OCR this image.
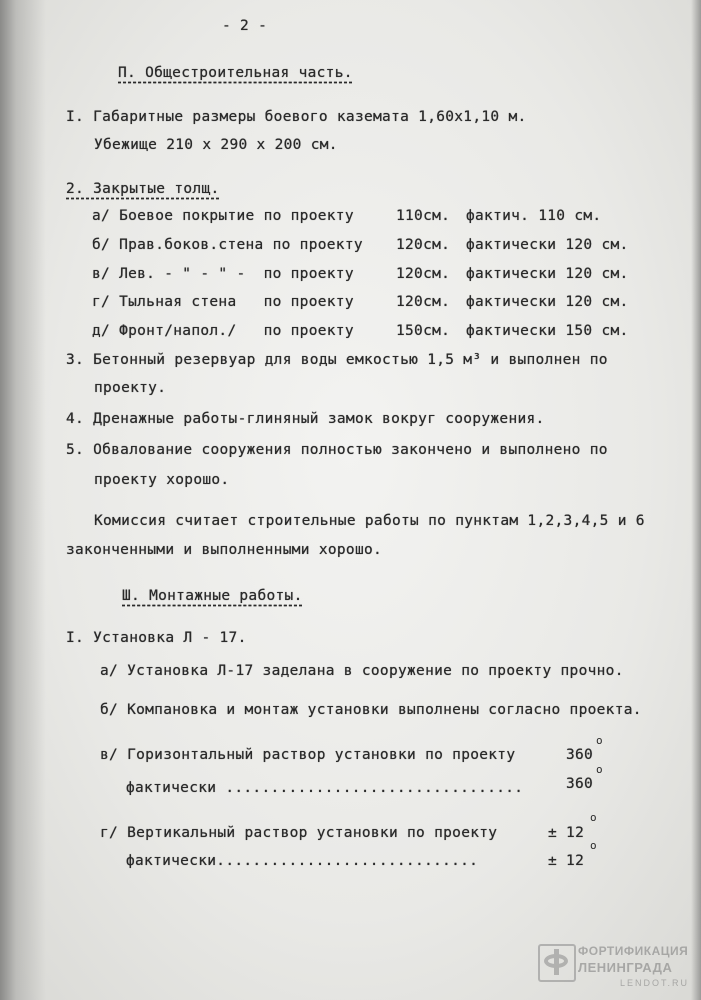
- 2 -
П. Общестроительная часть.
I. Габаритные размеры боевого каземата 1,60х1,10 м.
Убежище 210 х 290 х 200 см.
2. Закрытые толщ.
а/ Боевое покрытие по проекту	110см. фактич. 110 см.
б/ Прав.боков.стена по проекту 120см. фактически 120 см.
в/ Лев. - " - " -  по проекту	120см. фактически 120 см.
г/ Тыльная стена   по проекту	120см. фактически 120 см.
д/ Фронт/напол./   по проекту	150см. фактически 150 см.
3. Бетонный резервуар для воды емкостью 1,5 м³ и выполнен по
проекту.
4. Дренажные работы-глиняный замок вокруг сооружения.
5. Обвалование сооружения полностью закончено и выполнено по
проекту хорошо.
Комиссия считает строительные работы по пунктам 1,2,3,4,5 и 6
законченными и выполненными хорошо.
Ш. Монтажные работы.
I. Установка Л - 17.
а/ Установка Л-17 заделана в сооружение по проекту прочно.
б/ Компановка и монтаж установки выполнены согласно проекта.
в/ Горизонтальный раствор установки по проекту	360
о
фактически .................................	360
о
г/ Вертикальный раствор установки по проекту	± 12
о
фактически.............................	± 12
о
ФОРТИФИКАЦИЯ
ЛЕНИНГРАДА
LENDOT.RU
